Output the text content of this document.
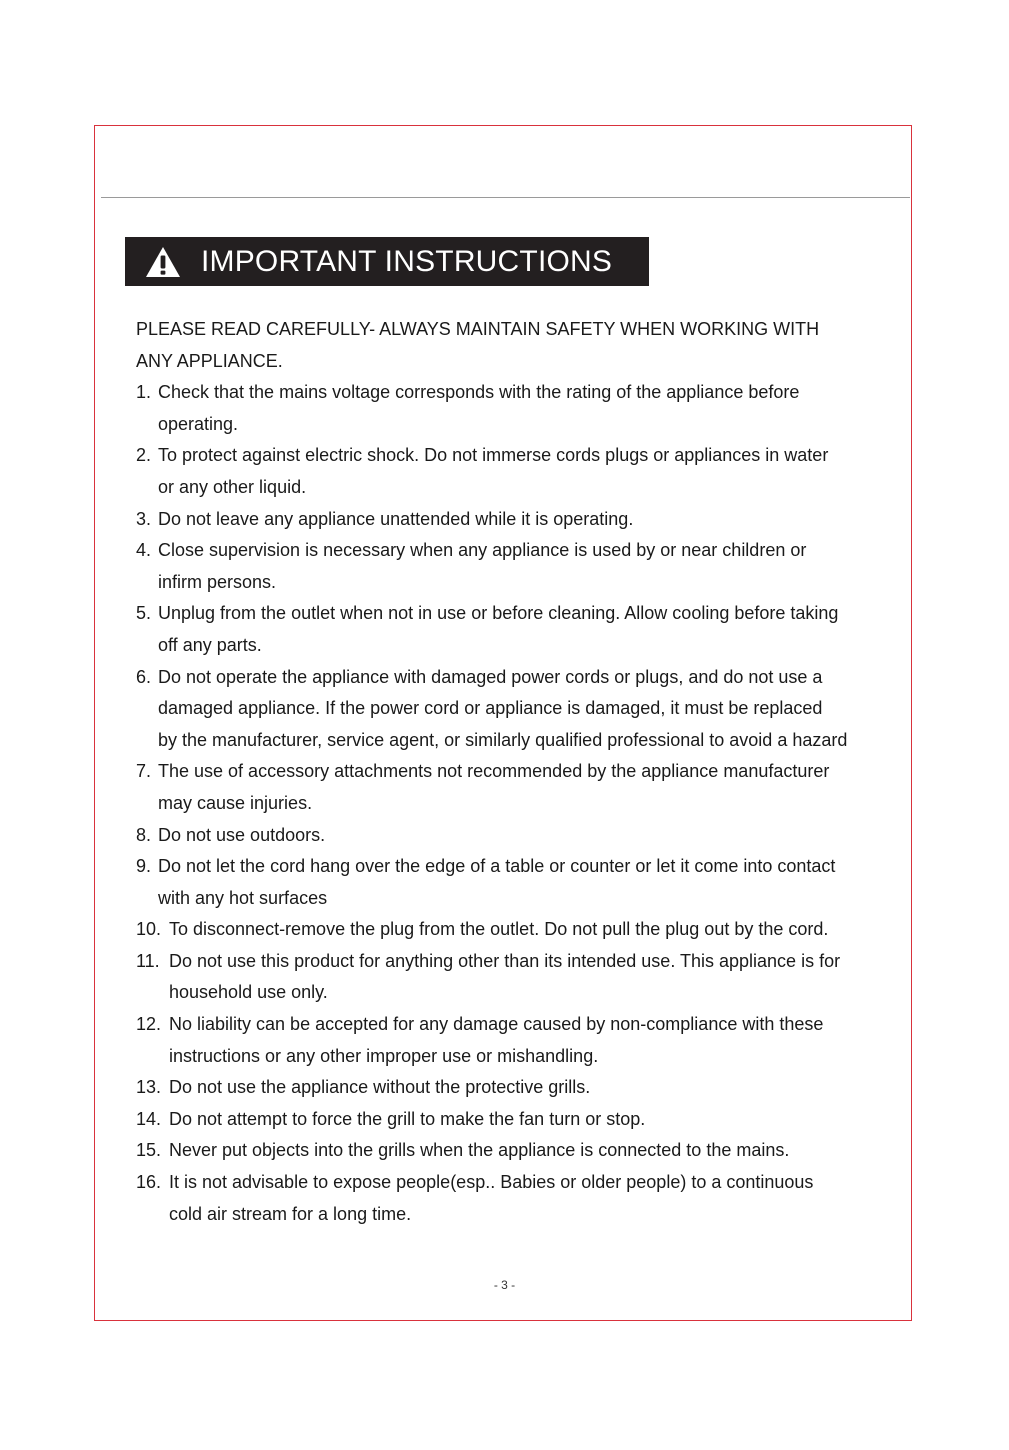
IMPORTANT INSTRUCTIONS
PLEASE READ CAREFULLY- ALWAYS MAINTAIN SAFETY WHEN WORKING WITH
ANY APPLIANCE.
1. Check that the mains voltage corresponds with the rating of the appliance before
operating.
2. To protect against electric shock. Do not immerse cords plugs or appliances in water
or any other liquid.
3. Do not leave any appliance unattended while it is operating.
4. Close supervision is necessary when any appliance is used by or near children or
infirm persons.
5. Unplug from the outlet when not in use or before cleaning. Allow cooling before taking
off any parts.
6. Do not operate the appliance with damaged power cords or plugs, and do not use a
damaged appliance. If the power cord or appliance is damaged, it must be replaced
by the manufacturer, service agent, or similarly qualified professional to avoid a hazard
7. The use of accessory attachments not recommended by the appliance manufacturer
may cause injuries.
8. Do not use outdoors.
9. Do not let the cord hang over the edge of a table or counter or let it come into contact
with any hot surfaces
10. To disconnect-remove the plug from the outlet. Do not pull the plug out by the cord.
11. Do not use this product for anything other than its intended use. This appliance is for
household use only.
12. No liability can be accepted for any damage caused by non-compliance with these
instructions or any other improper use or mishandling.
13. Do not use the appliance without the protective grills.
14. Do not attempt to force the grill to make the fan turn or stop.
15. Never put objects into the grills when the appliance is connected to the mains.
16. It is not advisable to expose people(esp.. Babies or older people) to a continuous
cold air stream for a long time.
- 3 -
